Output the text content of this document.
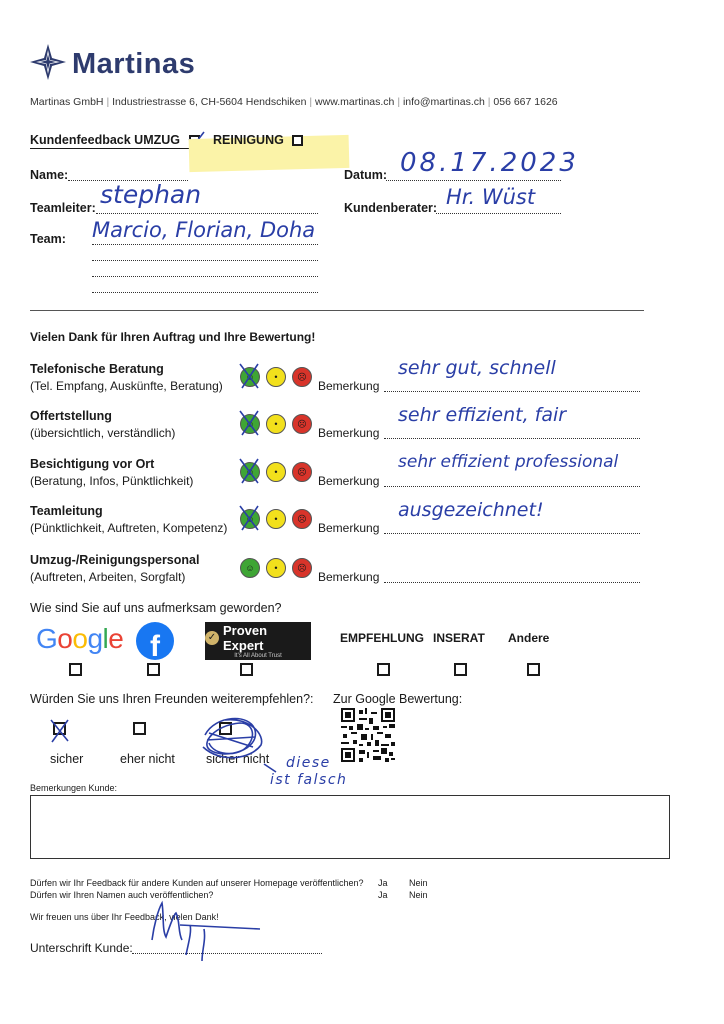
Martinas
Martinas GmbH | Industriestrasse 6, CH-5604 Hendschiken | www.martinas.ch | info@martinas.ch | 056 667 1626
Kundenfeedback UMZUG	REINIGUNG
Name:	Datum: 08.17.2023
Teamleiter: stephan	Kundenberater: Hr. Wüst
Team: Marcio, Florian, Doha
Vielen Dank für Ihren Auftrag und Ihre Bewertung!
Telefonische Beratung
(Tel. Empfang, Auskünfte, Beratung)
☺	•	☹
Bemerkung
sehr gut, schnell
Offertstellung
(übersichtlich, verständlich)
☺	•	☹
Bemerkung
sehr effizient, fair
Besichtigung vor Ort
(Beratung, Infos, Pünktlichkeit)
☺	•	☹
Bemerkung
sehr effizient professional
Teamleitung
(Pünktlichkeit, Auftreten, Kompetenz)
☺	•	☹
Bemerkung
ausgezeichnet!
Umzug-/Reinigungspersonal
(Auftreten, Arbeiten, Sorgfalt)
☺	•	☹
Bemerkung
Wie sind Sie auf uns aufmerksam geworden?
Google f	✓ Proven Expert
It's All About Trust
EMPFEHLUNG INSERAT Andere
Würden Sie uns Ihren Freunden weiterempfehlen?: Zur Google Bewertung:
sicher	eher nicht sicher nicht diese
ist falsch
Bemerkungen Kunde:
Dürfen wir Ihr Feedback für andere Kunden auf unserer Homepage veröffentlichen? Ja Nein
Dürfen wir Ihren Namen auch veröffentlichen?	Ja Nein
Wir freuen uns über Ihr Feedback, vielen Dank!
Unterschrift Kunde:
